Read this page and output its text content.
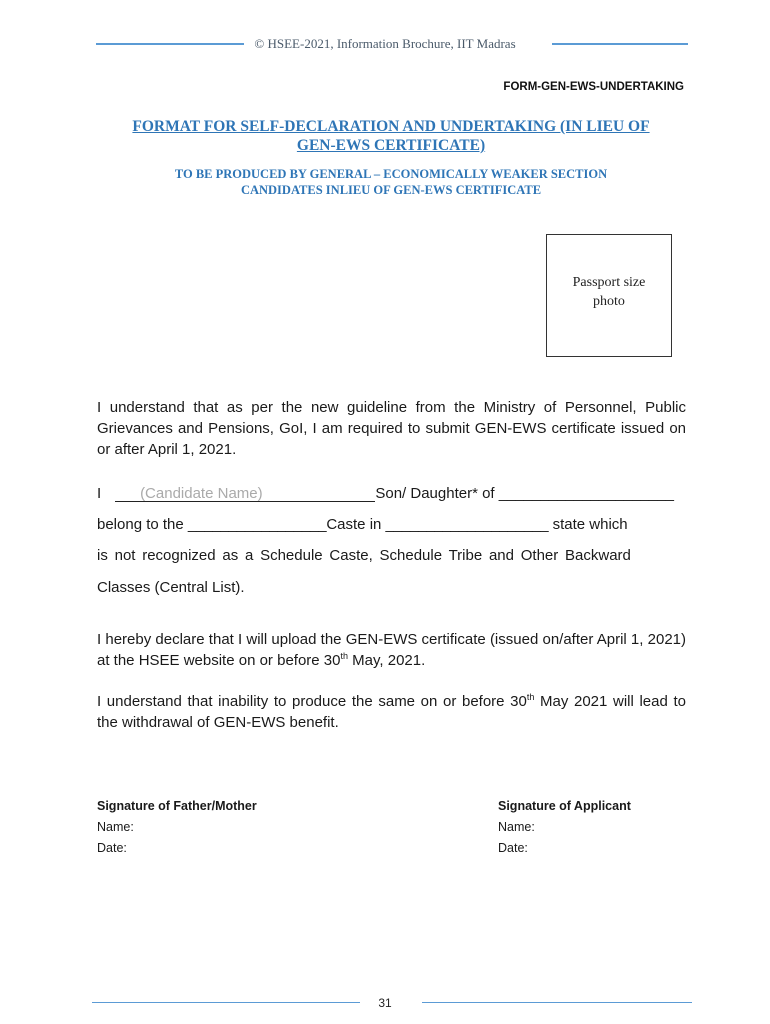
© HSEE-2021, Information Brochure, IIT Madras
FORM-GEN-EWS-UNDERTAKING
FORMAT FOR SELF-DECLARATION AND UNDERTAKING (IN LIEU OF
GEN-EWS CERTIFICATE)
TO BE PRODUCED BY GENERAL – ECONOMICALLY WEAKER SECTION
CANDIDATES INLIEU OF GEN-EWS CERTIFICATE
Passport size
photo
I understand that as per the new guideline from the Ministry of Personnel, Public Grievances and Pensions, GoI, I am required to submit GEN-EWS certificate issued on or after April 1, 2021.
I	(Candidate Name)	Son/ Daughter* of _____________________
belong to the _________________Caste in ____________________ state which
is not recognized as a Schedule Caste, Schedule Tribe and Other Backward
Classes (Central List).
I hereby declare that I will upload the GEN-EWS certificate (issued on/after April 1, 2021) at the HSEE website on or before 30th May, 2021.
I understand that inability to produce the same on or before 30th May 2021 will lead to the withdrawal of GEN-EWS benefit.
Signature of Father/Mother
Name:
Date:
Signature of Applicant
Name:
Date:
31
